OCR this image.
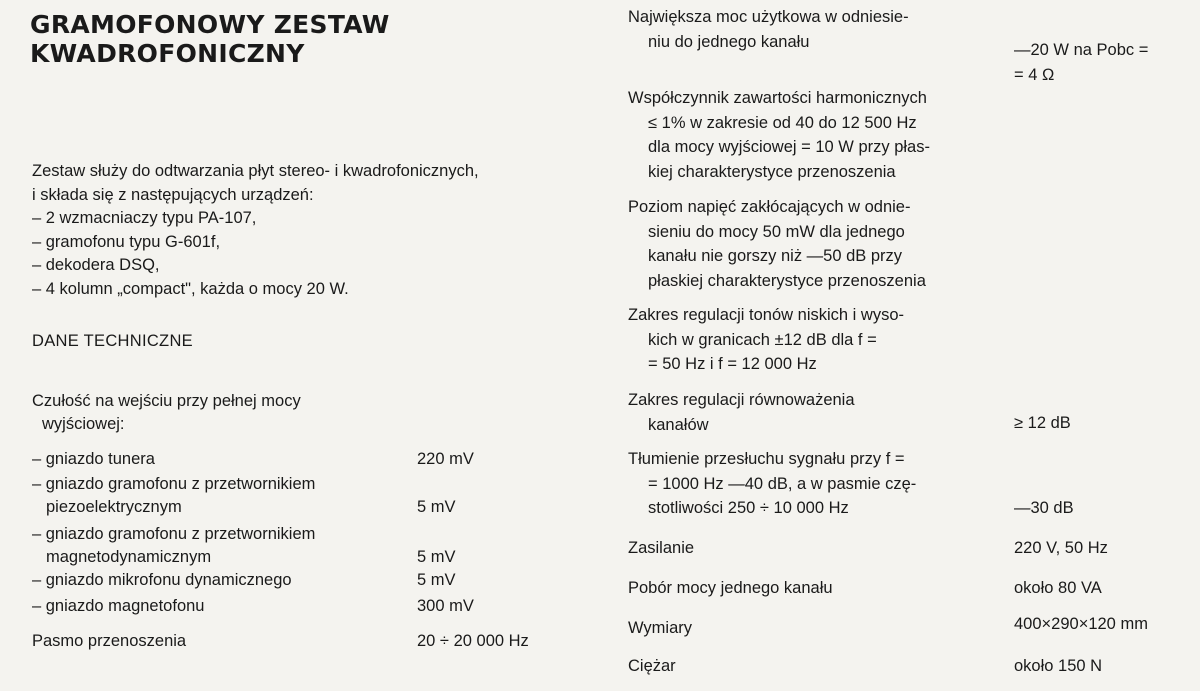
GRAMOFONOWY ZESTAW
KWADROFONICZNY
Zestaw służy do odtwarzania płyt stereo- i kwadrofonicznych,
i składa się z następujących urządzeń:
– 2 wzmacniaczy typu PA-107,
– gramofonu typu G-601f,
– dekodera DSQ,
– 4 kolumn „compact", każda o mocy 20 W.
DANE TECHNICZNE
Czułość na wejściu przy pełnej mocy
wyjściowej:
– gniazdo tunera	220 mV
– gniazdo gramofonu z przetwornikiem
piezoelektrycznym	5 mV
– gniazdo gramofonu z przetwornikiem
magnetodynamicznym	5 mV
– gniazdo mikrofonu dynamicznego	5 mV
– gniazdo magnetofonu	300 mV
Pasmo przenoszenia	20 ÷ 20 000 Hz
Największa moc użytkowa w odniesie-
niu do jednego kanału	—20 W na Pobc =
= 4 Ω
Współczynnik zawartości harmonicznych
≤ 1% w zakresie od 40 do 12 500 Hz
dla mocy wyjściowej = 10 W przy płas-
kiej charakterystyce przenoszenia
Poziom napięć zakłócających w odnie-
sieniu do mocy 50 mW dla jednego
kanału nie gorszy niż —50 dB przy
płaskiej charakterystyce przenoszenia
Zakres regulacji tonów niskich i wyso-
kich w granicach ±12 dB dla f =
= 50 Hz i f = 12 000 Hz
Zakres regulacji równoważenia
kanałów	≥ 12 dB
Tłumienie przesłuchu sygnału przy f =
= 1000 Hz —40 dB, a w pasmie czę-
stotliwości 250 ÷ 10 000 Hz	—30 dB
Zasilanie	220 V, 50 Hz
Pobór mocy jednego kanału	około 80 VA
Wymiary	400×290×120 mm
Ciężar	około 150 N
